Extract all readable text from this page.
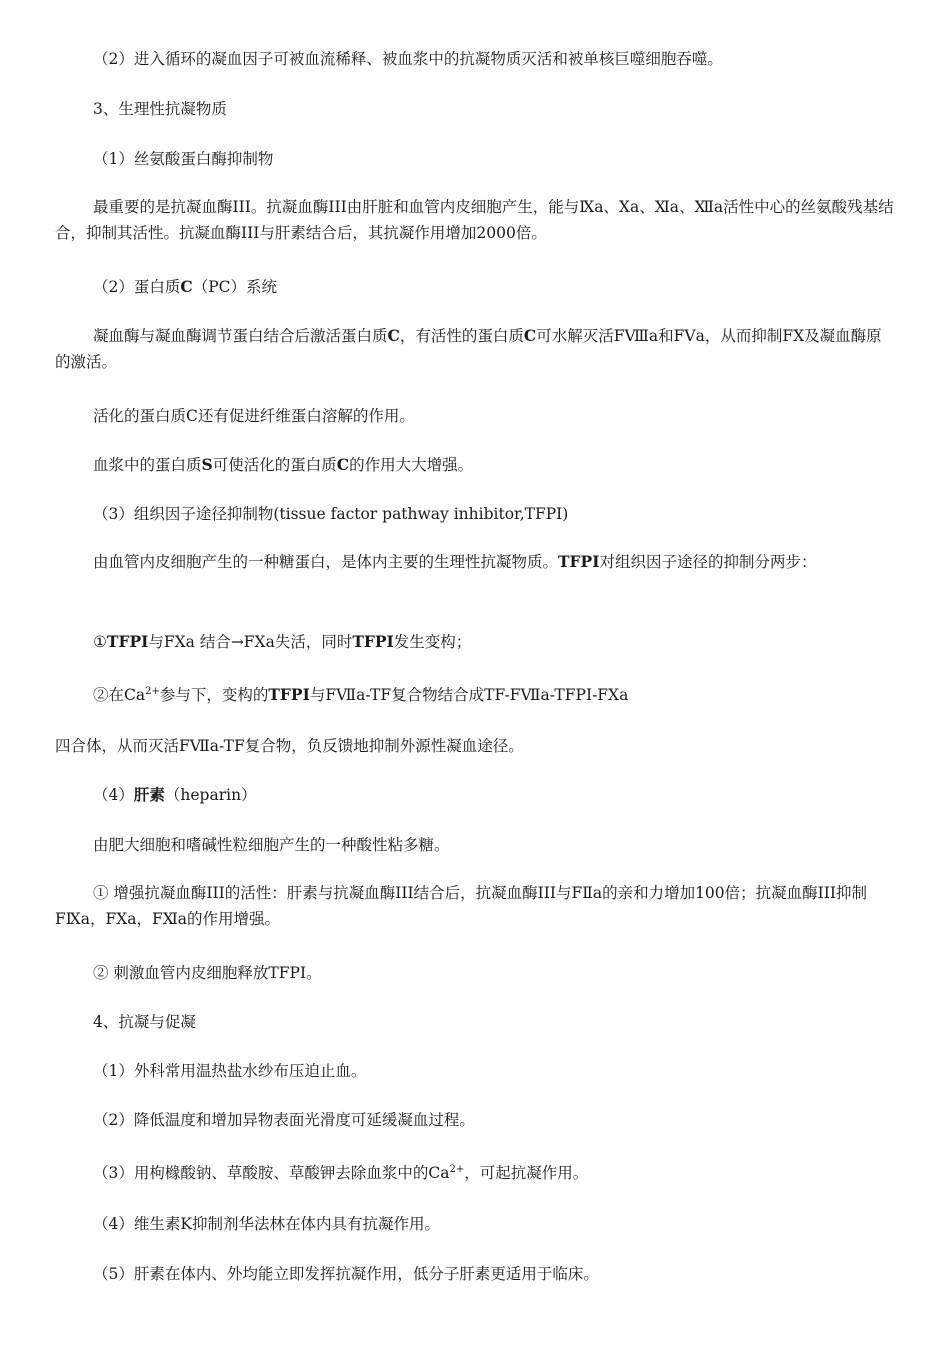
（2）进入循环的凝血因子可被血流稀释、被血浆中的抗凝物质灭活和被单核巨噬细胞吞噬。

3、生理性抗凝物质

（1）丝氨酸蛋白酶抑制物

最重要的是抗凝血酶III。抗凝血酶III由肝脏和血管内皮细胞产生，能与Ⅸa、Ⅹa、Ⅺa、Ⅻa活性中心的丝氨酸残基结合，抑制其活性。抗凝血酶III与肝素结合后，其抗凝作用增加2000倍。

（2）蛋白质C（PC）系统

凝血酶与凝血酶调节蛋白结合后激活蛋白质C，有活性的蛋白质C可水解灭活FⅧa和FⅤa，从而抑制FⅩ及凝血酶原的激活。

活化的蛋白质C还有促进纤维蛋白溶解的作用。

血浆中的蛋白质S可使活化的蛋白质C的作用大大增强。

（3）组织因子途径抑制物(tissue factor pathway inhibitor,TFPI)

由血管内皮细胞产生的一种糖蛋白，是体内主要的生理性抗凝物质。TFPI对组织因子途径的抑制分两步：

①TFPI与FⅩa 结合→FⅩa失活，同时TFPI发生变构；

②在$Ca^{2+}$参与下，变构的TFPI与FⅦa-TF复合物结合成TF-FⅦa-TFPI-FⅩa

四合体，从而灭活FⅦa-TF复合物，负反馈地抑制外源性凝血途径。

（4）肝素（heparin）

由肥大细胞和嗜碱性粒细胞产生的一种酸性粘多糖。

① 增强抗凝血酶III的活性：肝素与抗凝血酶III结合后，抗凝血酶III与FⅡa的亲和力增加100倍；抗凝血酶III抑制FⅨa，FⅩa，FⅪa的作用增强。

② 刺激血管内皮细胞释放TFPI。

4、抗凝与促凝

（1）外科常用温热盐水纱布压迫止血。

（2）降低温度和增加异物表面光滑度可延缓凝血过程。

（3）用枸橼酸钠、草酸胺、草酸钾去除血浆中的$Ca^{2+}$，可起抗凝作用。

（4）维生素K抑制剂华法林在体内具有抗凝作用。

（5）肝素在体内、外均能立即发挥抗凝作用，低分子肝素更适用于临床。
